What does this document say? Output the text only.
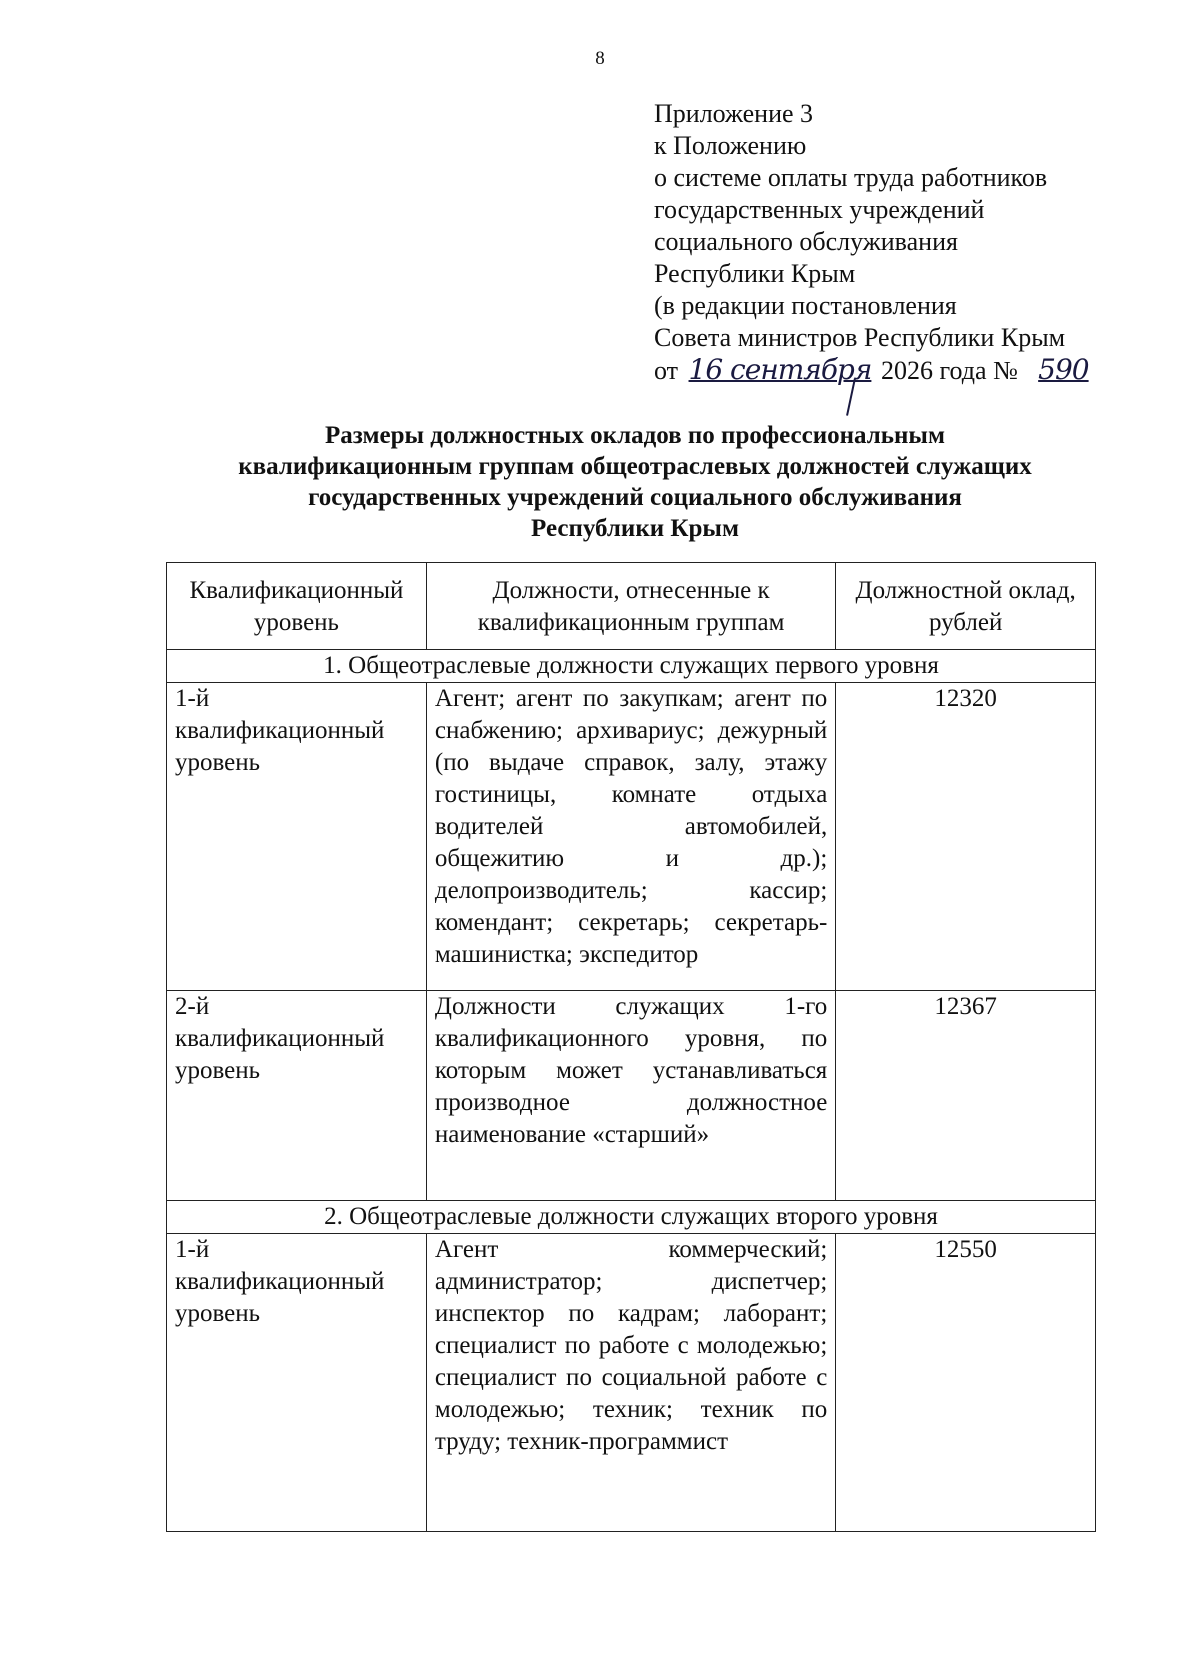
8
Приложение 3
к Положению
о системе оплаты труда работников
государственных учреждений
социального обслуживания
Республики Крым
(в редакции постановления
Совета министров Республики Крым
от 16 сентября 2026 года № 590
Размеры должностных окладов по профессиональным
квалификационным группам общеотраслевых должностей служащих
государственных учреждений социального обслуживания
Республики Крым
Квалификационный уровень	Должности, отнесенные к квалификационным группам	Должностной оклад, рублей
1. Общеотраслевые должности служащих первого уровня		
1-й квалификационный уровень	Агент; агент по закупкам; агент по снабжению; архивариус; дежурный (по выдаче справок, залу, этажу гостиницы, комнате отдыха водителей автомобилей, общежитию и др.); делопроизводитель; кассир; комендант; секретарь; секретарь-машинистка; экспедитор	12320
2-й квалификационный уровень	Должности служащих 1-го квалификационного уровня, по которым может устанавливаться производное должностное наименование «старший»	12367
2. Общеотраслевые должности служащих второго уровня		
1-й квалификационный уровень	Агент коммерческий; администратор; диспетчер; инспектор по кадрам; лаборант; специалист по работе с молодежью; специалист по социальной работе с молодежью; техник; техник по труду; техник-программист	12550
